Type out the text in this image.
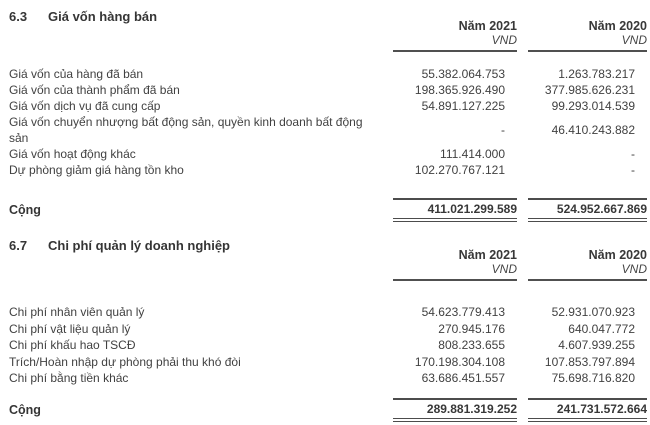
6.3	Giá vốn hàng bán
Năm 2021
VND
Năm 2020
VND
Giá vốn của hàng đã bán	55.382.064.753	1.263.783.217
Giá vốn của thành phẩm đã bán	198.365.926.490	377.985.626.231
Giá vốn dịch vụ đã cung cấp	54.891.127.225	99.293.014.539
Giá vốn chuyển nhượng bất động sản, quyền kinh doanh bất động sản
-	46.410.243.882
Giá vốn hoạt động khác	111.414.000	-
Dự phòng giảm giá hàng tồn kho	102.270.767.121	-
Cộng	411.021.299.589	524.952.667.869
6.7	Chi phí quản lý doanh nghiệp
Năm 2021
VND
Năm 2020
VND
Chi phí nhân viên quản lý	54.623.779.413	52.931.070.923
Chi phí vật liệu quản lý	270.945.176	640.047.772
Chi phí khấu hao TSCĐ	808.233.655	4.607.939.255
Trích/Hoàn nhập dự phòng phải thu khó đòi	170.198.304.108	107.853.797.894
Chi phí bằng tiền khác	63.686.451.557	75.698.716.820
Cộng	289.881.319.252	241.731.572.664
